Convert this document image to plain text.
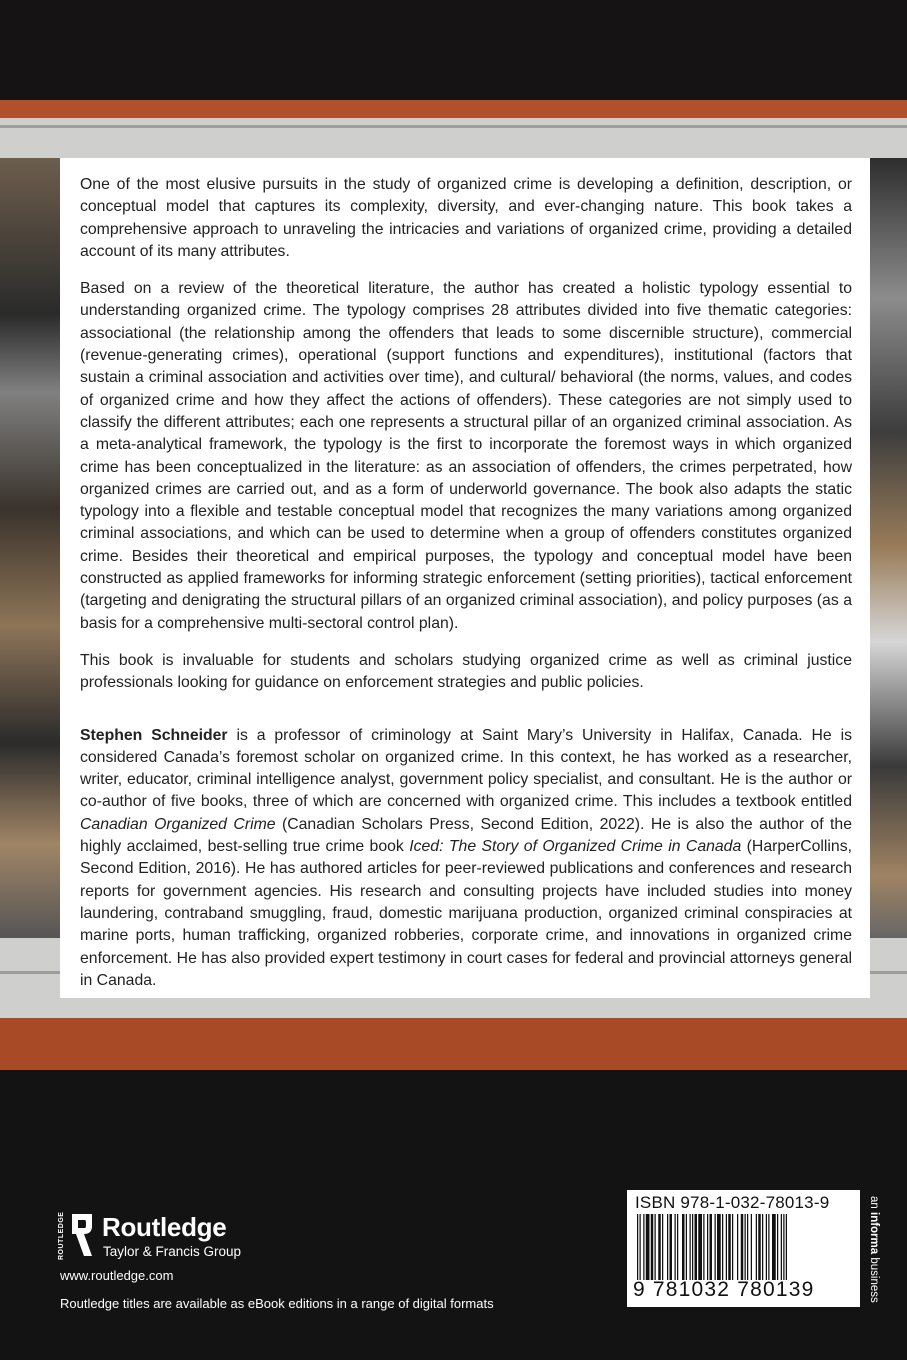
One of the most elusive pursuits in the study of organized crime is developing a definition, description, or conceptual model that captures its complexity, diversity, and ever-changing nature. This book takes a comprehensive approach to unraveling the intricacies and variations of organized crime, providing a detailed account of its many attributes.

Based on a review of the theoretical literature, the author has created a holistic typology essential to understanding organized crime. The typology comprises 28 attributes divided into five thematic categories: associational (the relationship among the offenders that leads to some discernible structure), commercial (revenue-generating crimes), operational (support functions and expenditures), institutional (factors that sustain a criminal association and activities over time), and cultural/ behavioral (the norms, values, and codes of organized crime and how they affect the actions of offenders). These categories are not simply used to classify the different attributes; each one represents a structural pillar of an organized criminal association. As a meta-analytical framework, the typology is the first to incorporate the foremost ways in which organized crime has been conceptualized in the literature: as an association of offenders, the crimes perpetrated, how organized crimes are carried out, and as a form of underworld governance. The book also adapts the static typology into a flexible and testable conceptual model that recognizes the many variations among organized criminal associations, and which can be used to determine when a group of offenders constitutes organized crime. Besides their theoretical and empirical purposes, the typology and conceptual model have been constructed as applied frameworks for informing strategic enforcement (setting priorities), tactical enforcement (targeting and denigrating the structural pillars of an organized criminal association), and policy purposes (as a basis for a comprehensive multi-sectoral control plan).

This book is invaluable for students and scholars studying organized crime as well as criminal justice professionals looking for guidance on enforcement strategies and public policies.

Stephen Schneider is a professor of criminology at Saint Mary’s University in Halifax, Canada. He is considered Canada’s foremost scholar on organized crime. In this context, he has worked as a researcher, writer, educator, criminal intelligence analyst, government policy specialist, and consultant. He is the author or co-author of five books, three of which are concerned with organized crime. This includes a textbook entitled Canadian Organized Crime (Canadian Scholars Press, Second Edition, 2022). He is also the author of the highly acclaimed, best-selling true crime book Iced: The Story of Organized Crime in Canada (HarperCollins, Second Edition, 2016). He has authored articles for peer-reviewed publications and conferences and research reports for government agencies. His research and consulting projects have included studies into money laundering, contraband smuggling, fraud, domestic marijuana production, organized criminal conspiracies at marine ports, human trafficking, organized robberies, corporate crime, and innovations in organized crime enforcement. He has also provided expert testimony in court cases for federal and provincial attorneys general in Canada.

ROUTLEDGE Routledge
Taylor & Francis Group
www.routledge.com
Routledge titles are available as eBook editions in a range of digital formats
ISBN 978-1-032-78013-9
9 781032 780139
an informa business
